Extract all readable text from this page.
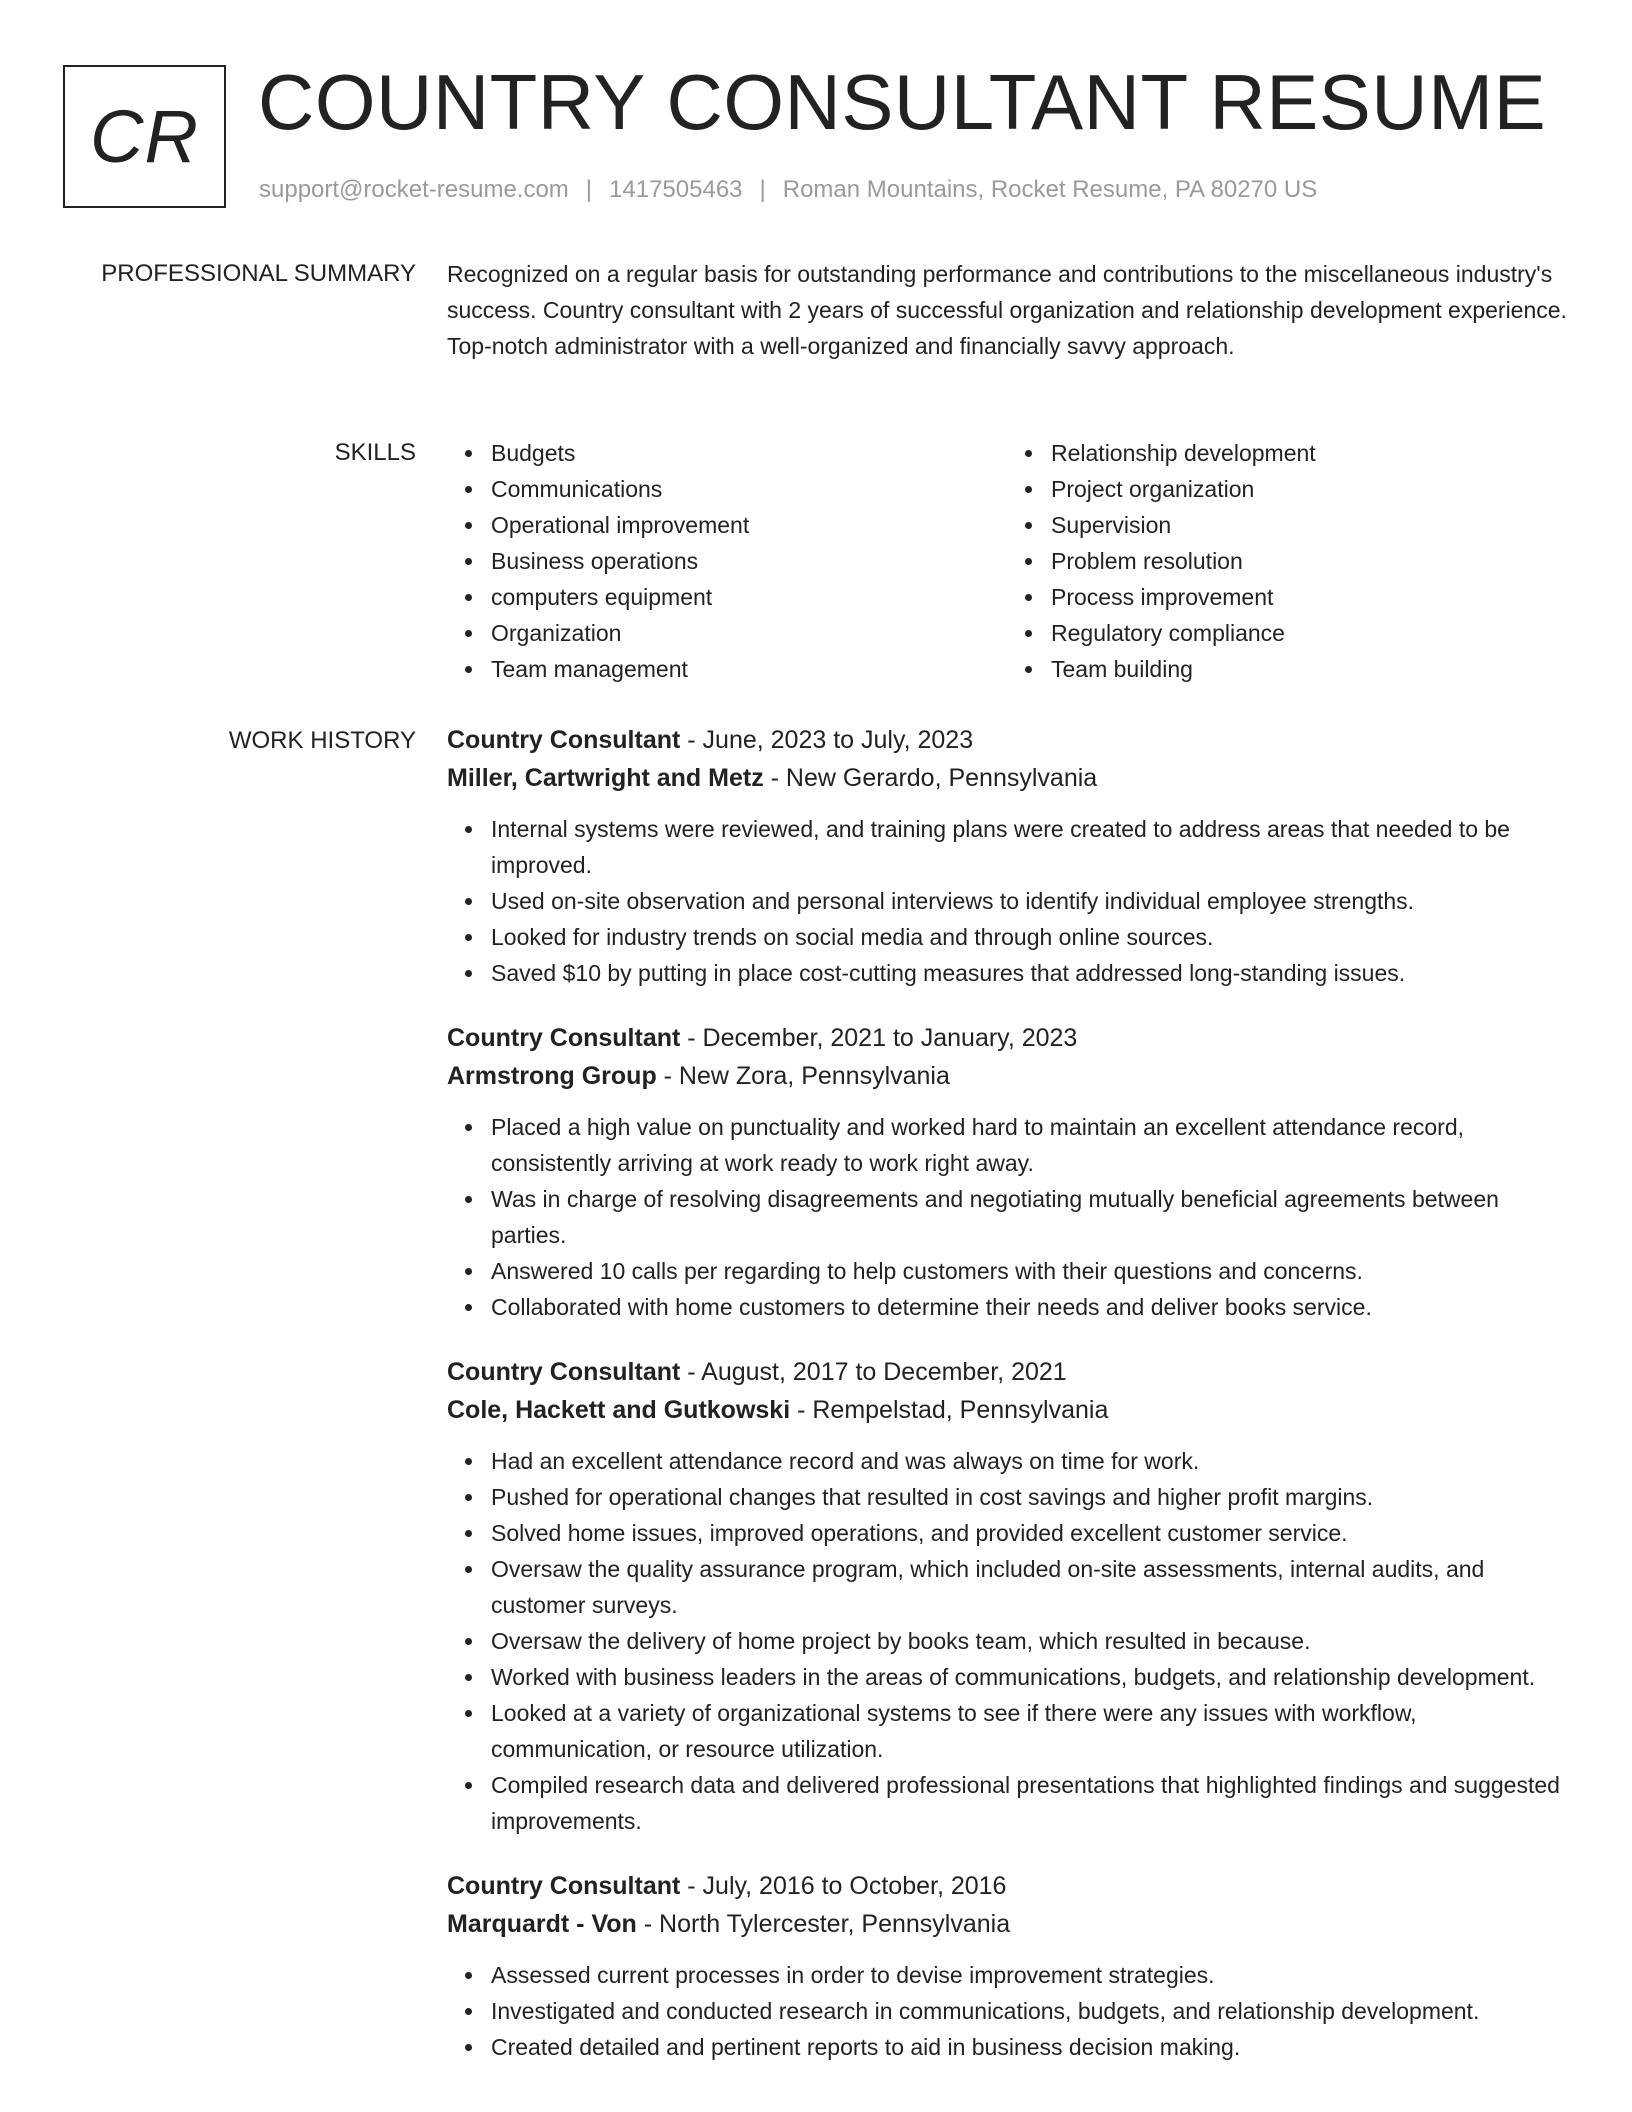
CR COUNTRY CONSULTANT RESUME
support@rocket-resume.com | 1417505463 | Roman Mountains, Rocket Resume, PA 80270 US
PROFESSIONAL SUMMARY Recognized on a regular basis for outstanding performance and contributions to the miscellaneous industry's success. Country consultant with 2 years of successful organization and relationship development experience. Top-notch administrator with a well-organized and financially savvy approach.

SKILLS	Budgets
Communications
Operational improvement
Business operations
computers equipment
Organization
Team management
Relationship development
Project organization
Supervision
Problem resolution
Process improvement
Regulatory compliance
Team building
WORK HISTORY Country Consultant - June, 2023 to July, 2023
Miller, Cartwright and Metz - New Gerardo, Pennsylvania
Internal systems were reviewed, and training plans were created to address areas that needed to be improved.
Used on-site observation and personal interviews to identify individual employee strengths.
Looked for industry trends on social media and through online sources.
Saved $10 by putting in place cost-cutting measures that addressed long-standing issues.
Country Consultant - December, 2021 to January, 2023
Armstrong Group - New Zora, Pennsylvania
Placed a high value on punctuality and worked hard to maintain an excellent attendance record, consistently arriving at work ready to work right away.
Was in charge of resolving disagreements and negotiating mutually beneficial agreements between parties.
Answered 10 calls per regarding to help customers with their questions and concerns.
Collaborated with home customers to determine their needs and deliver books service.
Country Consultant - August, 2017 to December, 2021
Cole, Hackett and Gutkowski - Rempelstad, Pennsylvania
Had an excellent attendance record and was always on time for work.
Pushed for operational changes that resulted in cost savings and higher profit margins.
Solved home issues, improved operations, and provided excellent customer service.
Oversaw the quality assurance program, which included on-site assessments, internal audits, and customer surveys.
Oversaw the delivery of home project by books team, which resulted in because.
Worked with business leaders in the areas of communications, budgets, and relationship development.
Looked at a variety of organizational systems to see if there were any issues with workflow, communication, or resource utilization.
Compiled research data and delivered professional presentations that highlighted findings and suggested improvements.
Country Consultant - July, 2016 to October, 2016
Marquardt - Von - North Tylercester, Pennsylvania
Assessed current processes in order to devise improvement strategies.
Investigated and conducted research in communications, budgets, and relationship development.
Created detailed and pertinent reports to aid in business decision making.
